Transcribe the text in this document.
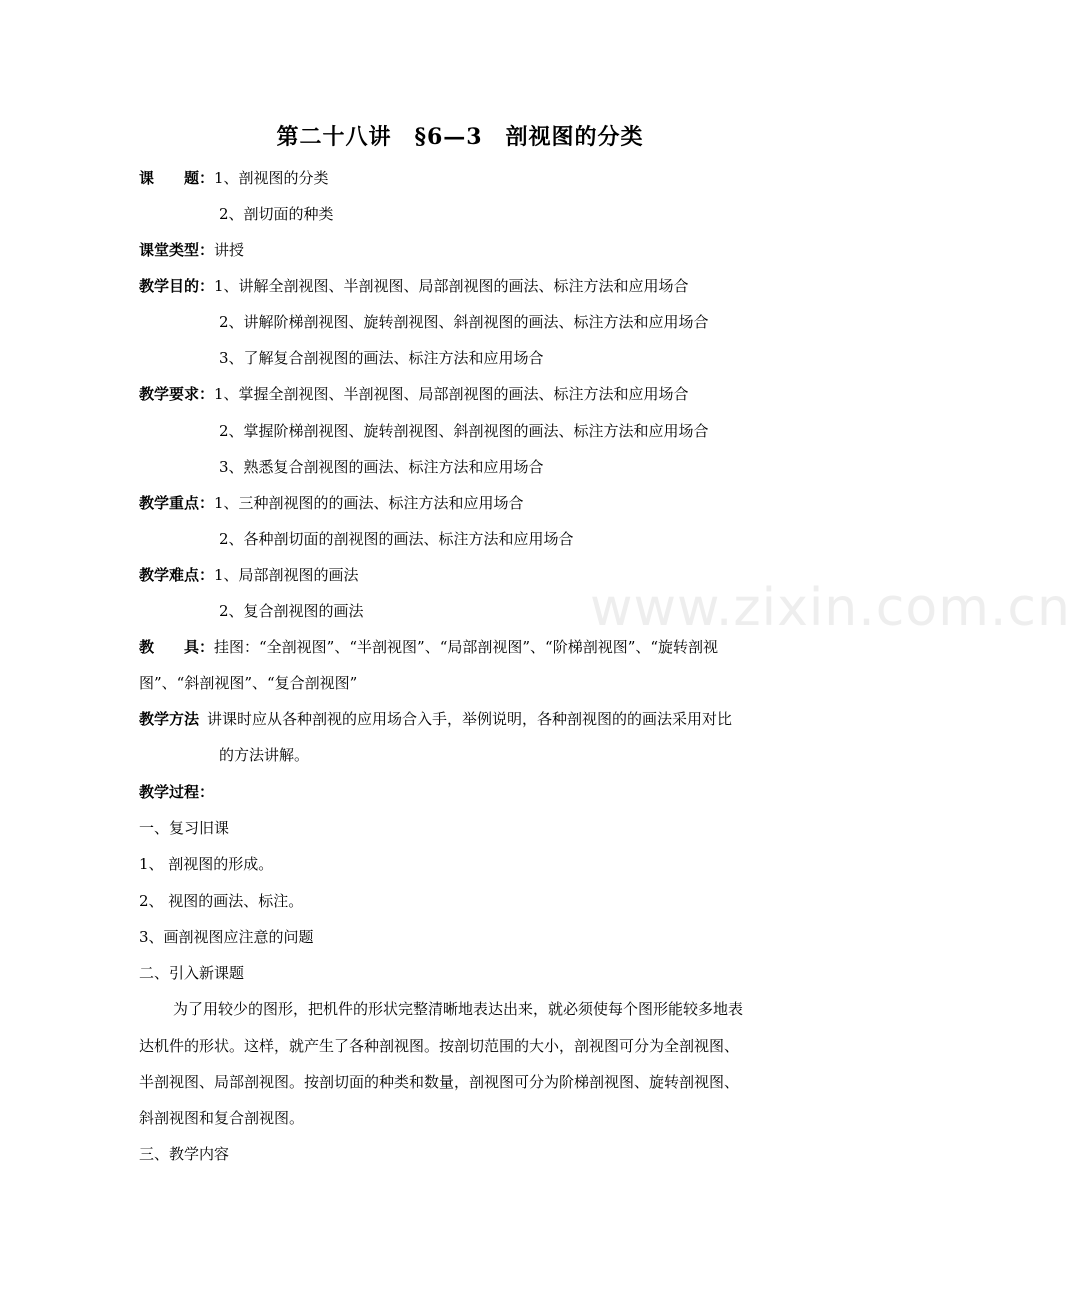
www.zixin.com.cn
第二十八讲　§6—3　剖视图的分类
课　　题：1、剖视图的分类
2、剖切面的种类
课堂类型：讲授
教学目的：1、讲解全剖视图、半剖视图、局部剖视图的画法、标注方法和应用场合
2、讲解阶梯剖视图、旋转剖视图、斜剖视图的画法、标注方法和应用场合
3、了解复合剖视图的画法、标注方法和应用场合
教学要求：1、掌握全剖视图、半剖视图、局部剖视图的画法、标注方法和应用场合
2、掌握阶梯剖视图、旋转剖视图、斜剖视图的画法、标注方法和应用场合
3、熟悉复合剖视图的画法、标注方法和应用场合
教学重点：1、三种剖视图的的画法、标注方法和应用场合
2、各种剖切面的剖视图的画法、标注方法和应用场合
教学难点：1、局部剖视图的画法
2、复合剖视图的画法
教　　具：挂图：“全剖视图”、“半剖视图”、“局部剖视图”、“阶梯剖视图”、“旋转剖视
图”、“斜剖视图”、“复合剖视图”
教学方法 讲课时应从各种剖视的应用场合入手，举例说明，各种剖视图的的画法采用对比
的方法讲解。
教学过程：
一、复习旧课
1、 剖视图的形成。
2、 视图的画法、标注。
3、画剖视图应注意的问题
二、引入新课题
为了用较少的图形，把机件的形状完整清晰地表达出来，就必须使每个图形能较多地表
达机件的形状。这样，就产生了各种剖视图。按剖切范围的大小，剖视图可分为全剖视图、
半剖视图、局部剖视图。按剖切面的种类和数量，剖视图可分为阶梯剖视图、旋转剖视图、
斜剖视图和复合剖视图。
三、教学内容
